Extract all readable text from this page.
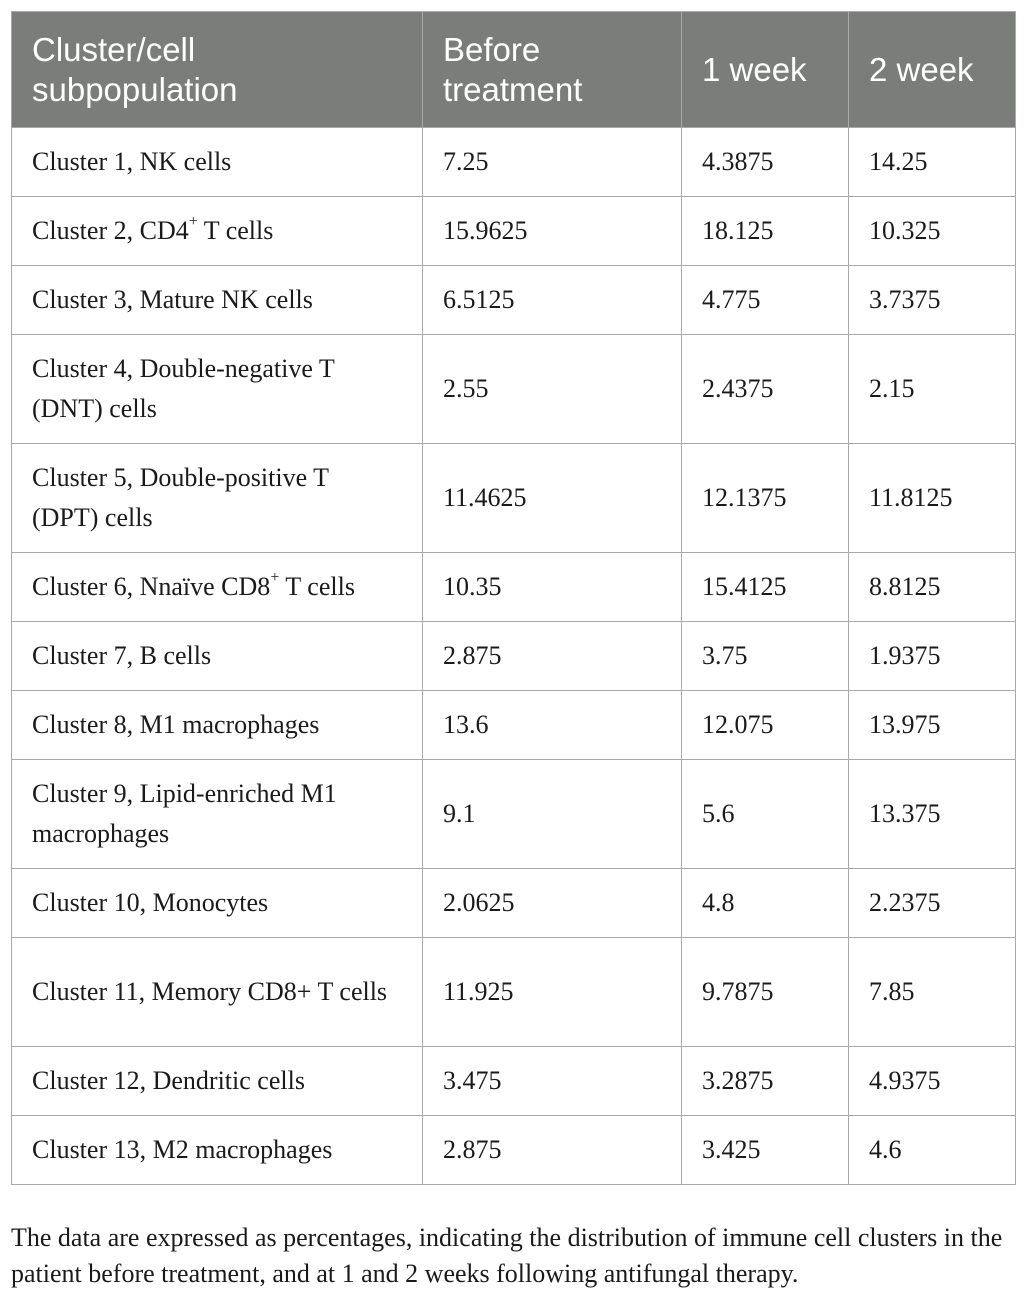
Cluster/cell subpopulation	Before treatment	1 week	2 week
Cluster 1, NK cells	7.25	4.3875	14.25
Cluster 2, CD4+ T cells	15.9625	18.125	10.325
Cluster 3, Mature NK cells	6.5125	4.775	3.7375
Cluster 4, Double-negative T (DNT) cells	2.55	2.4375	2.15
Cluster 5, Double-positive T (DPT) cells	11.4625	12.1375	11.8125
Cluster 6, Nnaïve CD8+ T cells	10.35	15.4125	8.8125
Cluster 7, B cells	2.875	3.75	1.9375
Cluster 8, M1 macrophages	13.6	12.075	13.975
Cluster 9, Lipid-enriched M1 macrophages	9.1	5.6	13.375
Cluster 10, Monocytes	2.0625	4.8	2.2375
Cluster 11, Memory CD8+ T cells	11.925	9.7875	7.85
Cluster 12, Dendritic cells	3.475	3.2875	4.9375
Cluster 13, M2 macrophages	2.875	3.425	4.6

The data are expressed as percentages, indicating the distribution of immune cell clusters in the patient before treatment, and at 1 and 2 weeks following antifungal therapy.
